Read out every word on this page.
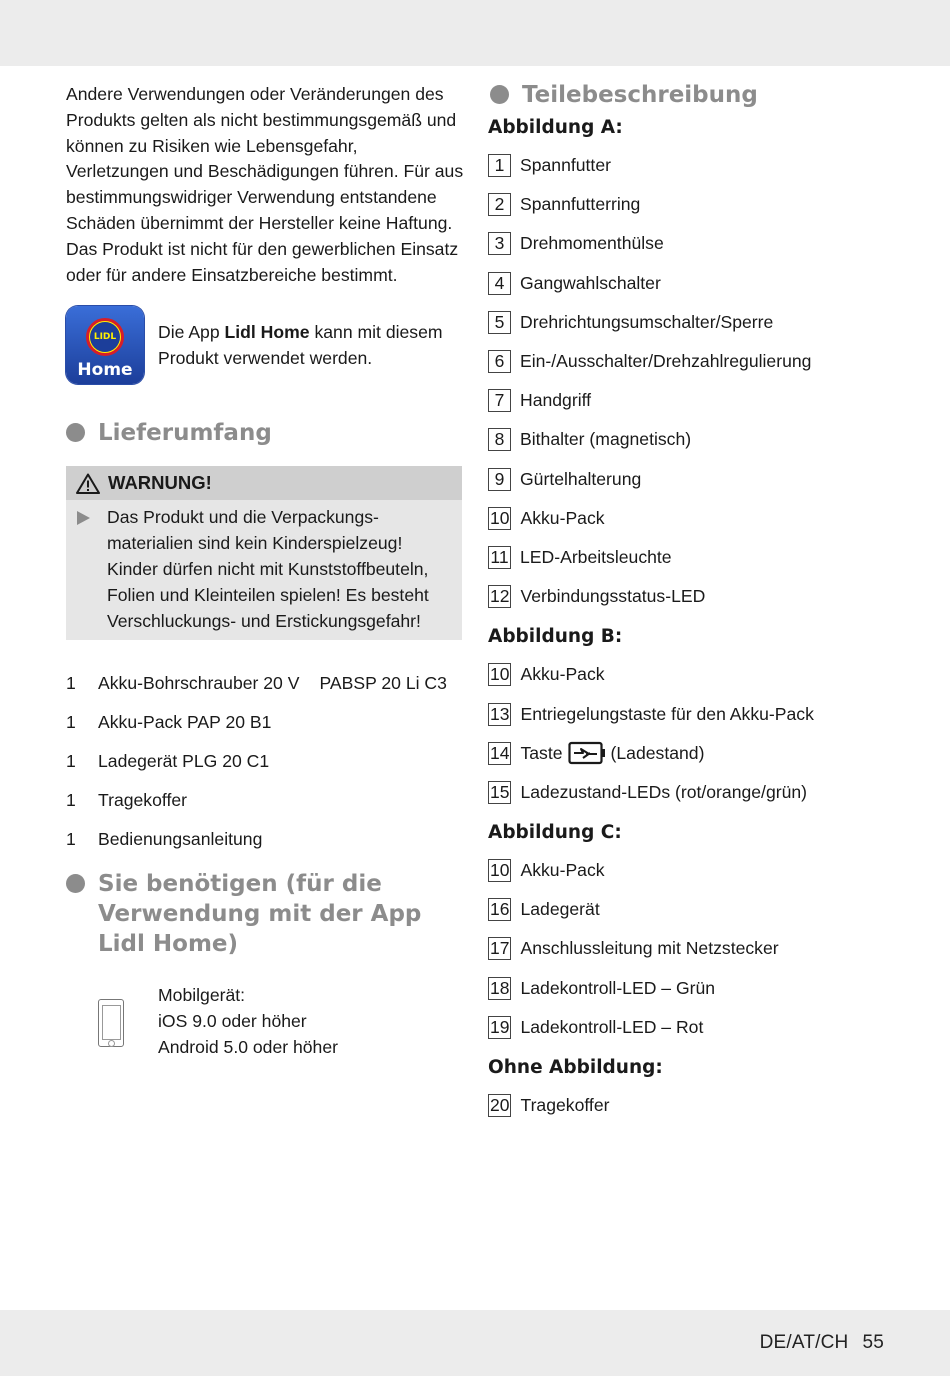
Andere Verwendungen oder Veränderungen des Produkts gelten als nicht bestimmungsgemäß und können zu Risiken wie Lebensgefahr, Verletzungen und Beschädigungen führen. Für aus bestimmungswidriger Verwendung entstandene Schäden übernimmt der Hersteller keine Haftung. Das Produkt ist nicht für den gewerblichen Einsatz oder für andere Einsatzbereiche bestimmt.

LIDL
Home
Die App Lidl Home kann mit diesem Produkt verwendet werden.
Lieferumfang
WARNUNG!
Das Produkt und die Verpackungs-materialien sind kein Kinderspielzeug! Kinder dürfen nicht mit Kunststoffbeuteln, Folien und Kleinteilen spielen! Es besteht Verschluckungs- und Erstickungsgefahr!
1	Akku-Bohrschrauber 20 V PABSP 20 Li C3
1	Akku-Pack PAP 20 B1
1	Ladegerät PLG 20 C1
1	Tragekoffer
1	Bedienungsanleitung
Sie benötigen (für die
Verwendung mit der App
Lidl Home)
Mobilgerät:
iOS 9.0 oder höher
Android 5.0 oder höher
Teilebeschreibung
Abbildung A:
1 Spannfutter
2 Spannfutterring
3 Drehmomenthülse
4 Gangwahlschalter
5 Drehrichtungsumschalter/Sperre
6 Ein-/Ausschalter/Drehzahlregulierung
7 Handgriff
8 Bithalter (magnetisch)
9 Gürtelhalterung
10 Akku-Pack
11 LED-Arbeitsleuchte
12 Verbindungsstatus-LED
Abbildung B:
10 Akku-Pack
13 Entriegelungstaste für den Akku-Pack
14 Taste	(Ladestand)
15 Ladezustand-LEDs (rot/orange/grün)
Abbildung C:
10 Akku-Pack
16 Ladegerät
17 Anschlussleitung mit Netzstecker
18 Ladekontroll-LED – Grün
19 Ladekontroll-LED – Rot
Ohne Abbildung:
20 Tragekoffer
DE/AT/CH 55
